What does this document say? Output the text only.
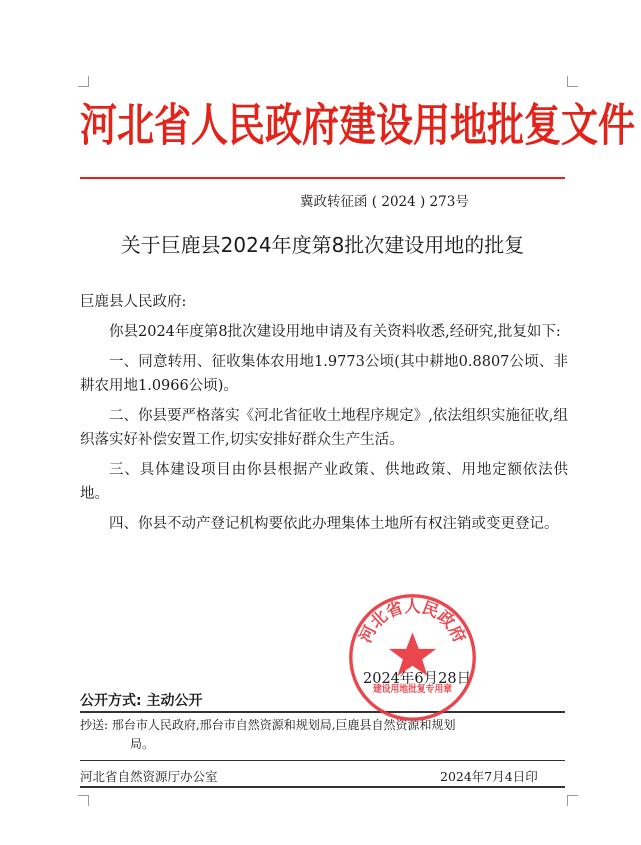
河北省人民政府建设用地批复文件
冀政转征函 ( 2024 ) 273号
关于巨鹿县2024年度第8批次建设用地的批复

巨鹿县人民政府:

你县2024年度第8批次建设用地申请及有关资料收悉,经研究,批复如下:

一、同意转用、征收集体农用地1.9773公顷(其中耕地0.8807公顷、非耕农用地1.0966公顷)。

二、你县要严格落实《河北省征收土地程序规定》,依法组织实施征收,组织落实好补偿安置工作,切实安排好群众生产生活。

三、具体建设项目由你县根据产业政策、供地政策、用地定额依法供地。

四、你县不动产登记机构要依此办理集体土地所有权注销或变更登记。

2024年6月28日
河北省人民政府
建设用地批复专用章
公开方式: 主动公开
抄送: 邢台市人民政府,邢台市自然资源和规划局,巨鹿县自然资源和规划
局。
河北省自然资源厅办公室	2024年7月4日印
